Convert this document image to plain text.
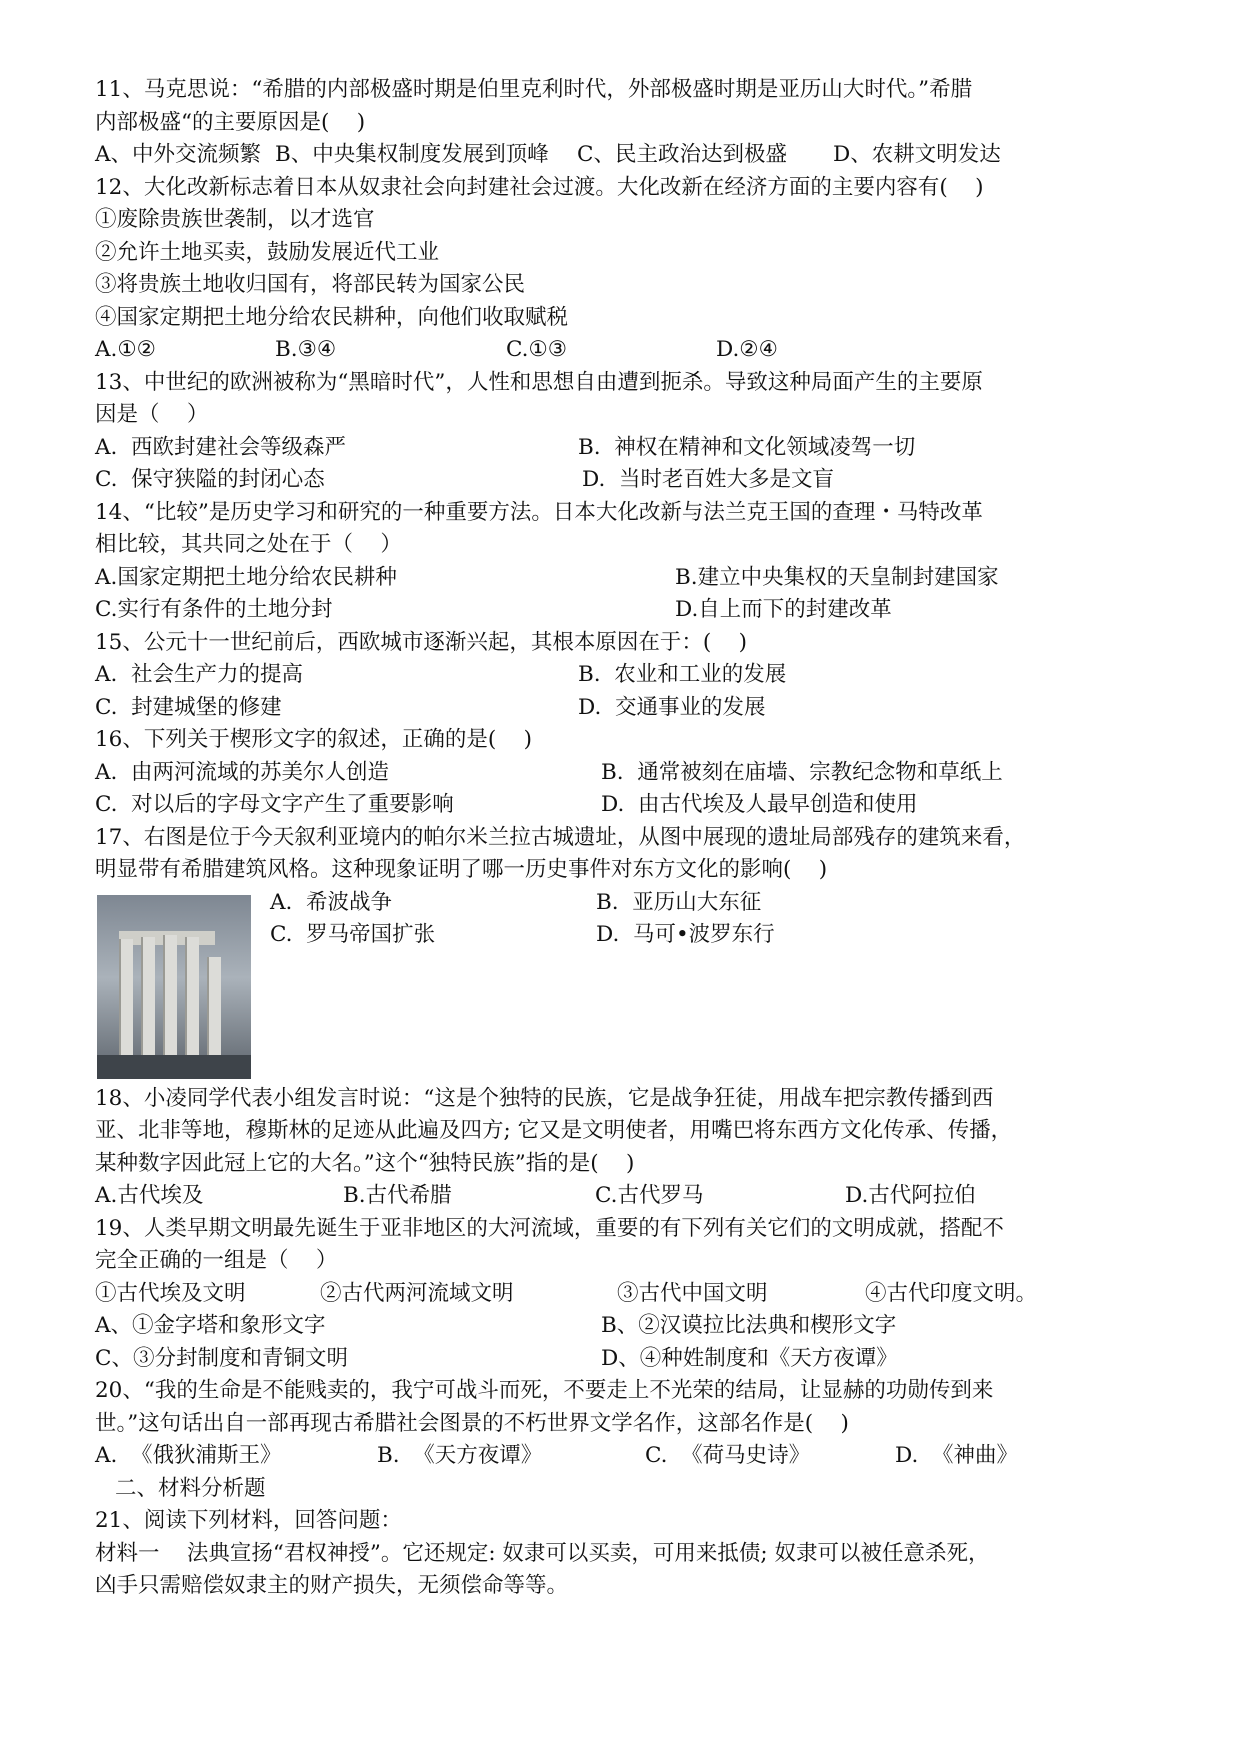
11、马克思说：“希腊的内部极盛时期是伯里克利时代，外部极盛时期是亚历山大时代。”希腊
内部极盛“的主要原因是(    )

A、中外交流频繁

B、中央集权制度发展到顶峰

C、民主政治达到极盛

D、农耕文明发达

12、大化改新标志着日本从奴隶社会向封建社会过渡。大化改新在经济方面的主要内容有(    )
①废除贵族世袭制，以才选官
②允许土地买卖，鼓励发展近代工业
③将贵族土地收归国有，将部民转为国家公民
④国家定期把土地分给农民耕种，向他们收取赋税

A.①②

	B.③④

	C.①③

	D.②④

13、中世纪的欧洲被称为“黑暗时代”，人性和思想自由遭到扼杀。导致这种局面产生的主要原
因是（    ）

A.  西欧封建社会等级森严

	B.  神权在精神和文化领域凌驾一切

C.  保守狭隘的封闭心态

	D.  当时老百姓大多是文盲

14、“比较”是历史学习和研究的一种重要方法。日本大化改新与法兰克王国的查理・马特改革
相比较，其共同之处在于（    ）

A.国家定期把土地分给农民耕种

	B.建立中央集权的天皇制封建国家

C.实行有条件的土地分封

	D.自上而下的封建改革

15、公元十一世纪前后，西欧城市逐渐兴起，其根本原因在于：(    )

A.  社会生产力的提高

	B.  农业和工业的发展

C.  封建城堡的修建

	D.  交通事业的发展

16、下列关于楔形文字的叙述，正确的是(    )

A.  由两河流域的苏美尔人创造

	B.  通常被刻在庙墙、宗教纪念物和草纸上

C.  对以后的字母文字产生了重要影响

	D.  由古代埃及人最早创造和使用

17、右图是位于今天叙利亚境内的帕尔米兰拉古城遗址，从图中展现的遗址局部残存的建筑来看，
明显带有希腊建筑风格。这种现象证明了哪一历史事件对东方文化的影响(    )

A.  希波战争

	B.  亚历山大东征

C.  罗马帝国扩张

	D.  马可•波罗东行

18、小凌同学代表小组发言时说：“这是个独特的民族，它是战争狂徒，用战车把宗教传播到西
亚、北非等地，穆斯林的足迹从此遍及四方; 它又是文明使者，用嘴巴将东西方文化传承、传播，
某种数字因此冠上它的大名。”这个“独特民族”指的是(    )

A.古代埃及

	B.古代希腊

	C.古代罗马

	D.古代阿拉伯

19、人类早期文明最先诞生于亚非地区的大河流域，重要的有下列有关它们的文明成就，搭配不
完全正确的一组是（    ）

①古代埃及文明

	②古代两河流域文明

	③古代中国文明

	④古代印度文明。

A、①金字塔和象形文字

	B、②汉谟拉比法典和楔形文字

C、③分封制度和青铜文明

	D、④种姓制度和《天方夜谭》

20、“我的生命是不能贱卖的，我宁可战斗而死，不要走上不光荣的结局，让显赫的功勋传到来
世。”这句话出自一部再现古希腊社会图景的不朽世界文学名作，这部名作是(    )

A.  《俄狄浦斯王》

	B.  《天方夜谭》

	C.  《荷马史诗》

	D.  《神曲》

二、材料分析题
21、阅读下列材料，回答问题：
材料一    法典宣扬“君权神授”。它还规定: 奴隶可以买卖，可用来抵债; 奴隶可以被任意杀死，
凶手只需赔偿奴隶主的财产损失，无须偿命等等。
